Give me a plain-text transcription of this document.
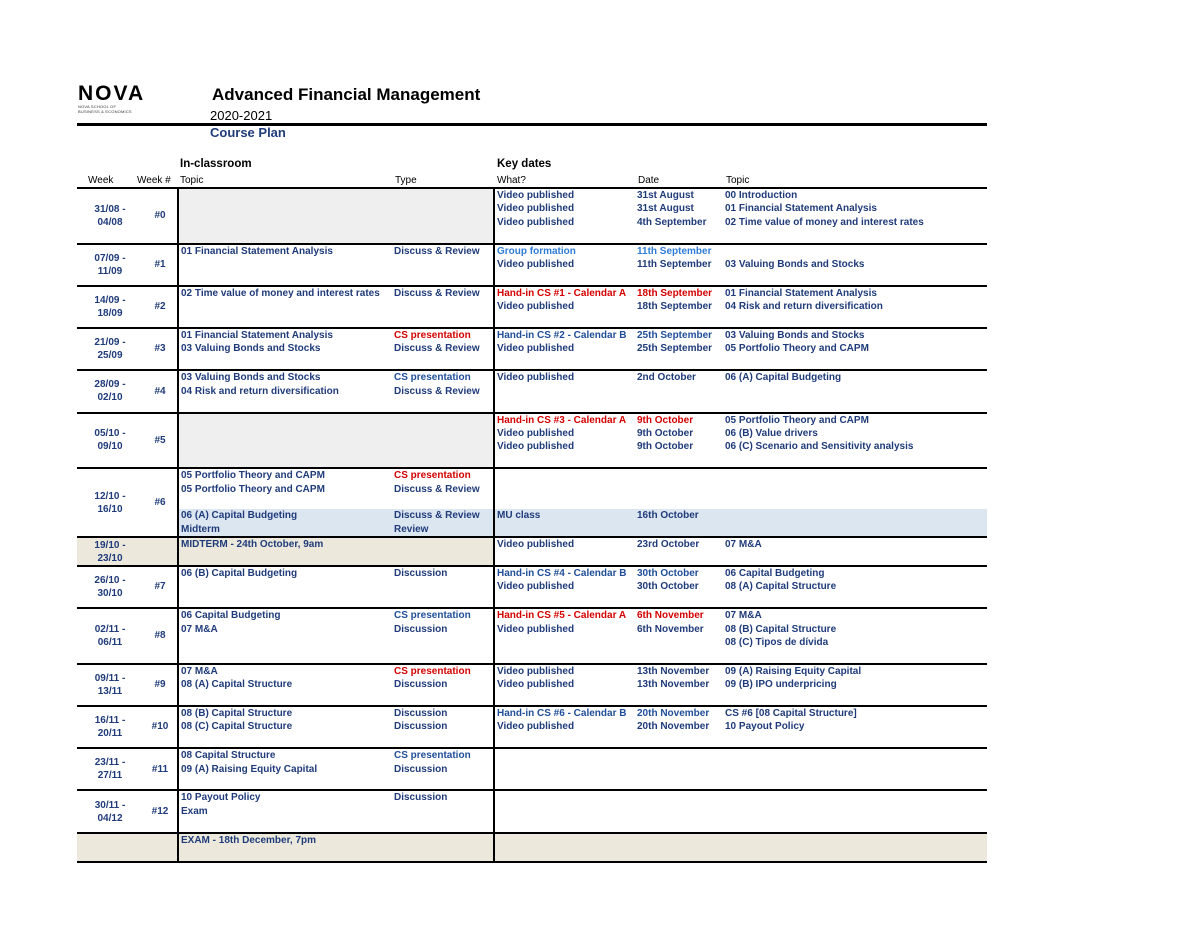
NOVA
NOVA SCHOOL OF
BUSINESS & ECONOMICS
Advanced Financial Management
2020-2021
Course Plan
In-classroom	Key dates
Week Week # Topic	Type	What?	Date	Topic
31/08 -
04/08	#0			Video published	31st August	00 Introduction
				Video published	31st August	01 Financial Statement Analysis
				Video published	4th September	02 Time value of money and interest rates

07/09 -
11/09	#1	01 Financial Statement Analysis	Discuss & Review	Group formation	11th September	
				Video published	11th September	03 Valuing Bonds and Stocks

14/09 -
18/09	#2	02 Time value of money and interest rates	Discuss & Review	Hand-in CS #1 - Calendar A	18th September	01 Financial Statement Analysis
				Video published	18th September	04 Risk and return diversification

21/09 -
25/09	#3	01 Financial Statement Analysis	CS presentation	Hand-in CS #2 - Calendar B	25th September	03 Valuing Bonds and Stocks
		03 Valuing Bonds and Stocks	Discuss & Review	Video published	25th September	05 Portfolio Theory and CAPM

28/09 -
02/10	#4	03 Valuing Bonds and Stocks	CS presentation	Video published	2nd October	06 (A) Capital Budgeting
		04 Risk and return diversification	Discuss & Review			

05/10 -
09/10	#5			Hand-in CS #3 - Calendar A	9th October	05 Portfolio Theory and CAPM
				Video published	9th October	06 (B) Value drivers
				Video published	9th October	06 (C) Scenario and Sensitivity analysis

12/10 -
16/10	#6	05 Portfolio Theory and CAPM	CS presentation			
		05 Portfolio Theory and CAPM	Discuss & Review			

		06 (A) Capital Budgeting	Discuss & Review	MU class	16th October	
		Midterm	Review			
19/10 -
23/10		MIDTERM - 24th October, 9am		Video published	23rd October	07 M&A

26/10 -
30/10	#7	06 (B) Capital Budgeting	Discussion	Hand-in CS #4 - Calendar B	30th October	06 Capital Budgeting
				Video published	30th October	08 (A) Capital Structure

02/11 -
06/11	#8	06 Capital Budgeting	CS presentation	Hand-in CS #5 - Calendar A	6th November	07 M&A
		07 M&A	Discussion	Video published	6th November	08 (B) Capital Structure
						08 (C) Tipos de dívida

09/11 -
13/11	#9	07 M&A	CS presentation	Video published	13th November	09 (A) Raising Equity Capital
		08 (A) Capital Structure	Discussion	Video published	13th November	09 (B) IPO underpricing

16/11 -
20/11	#10	08 (B) Capital Structure	Discussion	Hand-in CS #6 - Calendar B	20th November	CS #6 [08 Capital Structure]
		08 (C) Capital Structure	Discussion	Video published	20th November	10 Payout Policy

23/11 -
27/11	#11	08 Capital Structure	CS presentation			
		09 (A) Raising Equity Capital	Discussion			

30/11 -
04/12	#12	10 Payout Policy	Discussion			
		Exam				

		EXAM - 18th December, 7pm				
